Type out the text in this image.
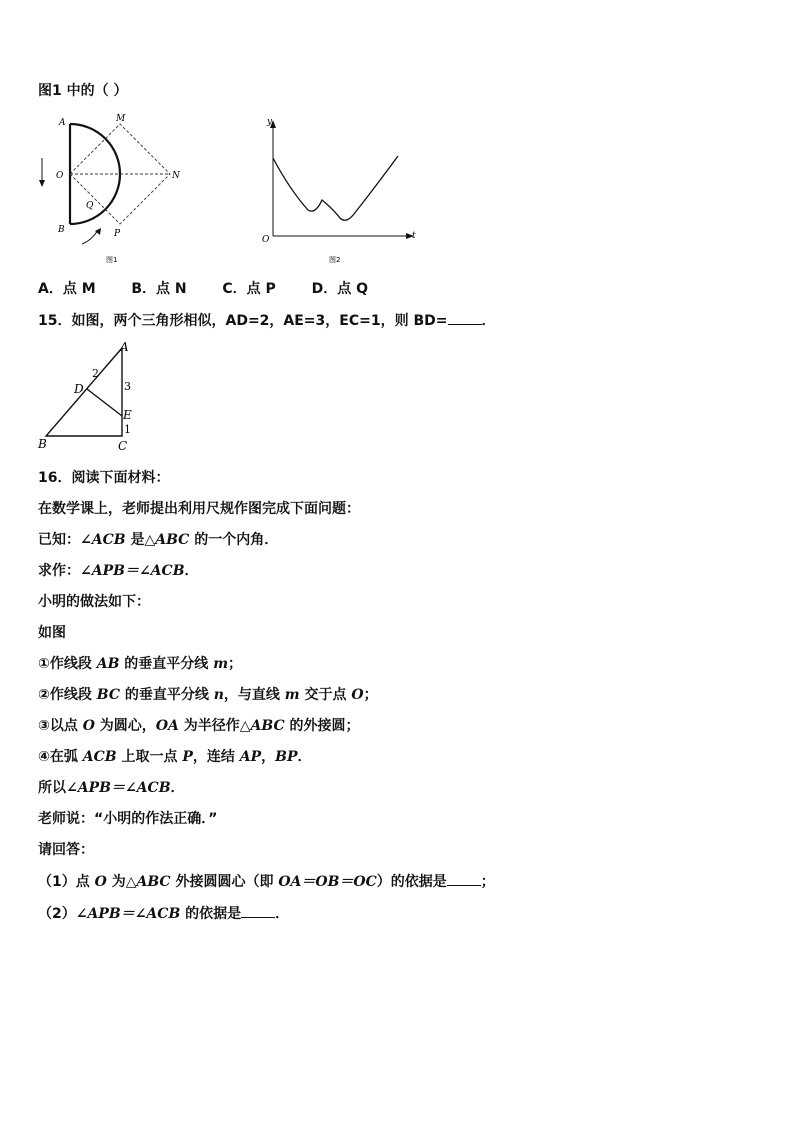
图1 中的（ ）
A	M
O	N
Q
B	P
图1
y
O	t
图2
A．点 M	B．点 N	C．点 P	D．点 Q
15．如图，两个三角形相似，AD=2，AE=3，EC=1，则 BD= ．
A
D
E
B	C
2
3
1
16．阅读下面材料：
在数学课上，老师提出利用尺规作图完成下面问题：
已知：∠ACB 是△ABC 的一个内角．
求作：∠APB＝∠ACB．
小明的做法如下：
如图
①作线段 AB 的垂直平分线 m；
②作线段 BC 的垂直平分线 n，与直线 m 交于点 O；
③以点 O 为圆心，OA 为半径作△ABC 的外接圆；
④在弧 ACB 上取一点 P，连结 AP，BP．
所以∠APB＝∠ACB．
老师说：“小明的作法正确．”
请回答：
（1）点 O 为△ABC 外接圆圆心（即 OA＝OB＝OC）的依据是 ；
（2）∠APB＝∠ACB 的依据是 ．
